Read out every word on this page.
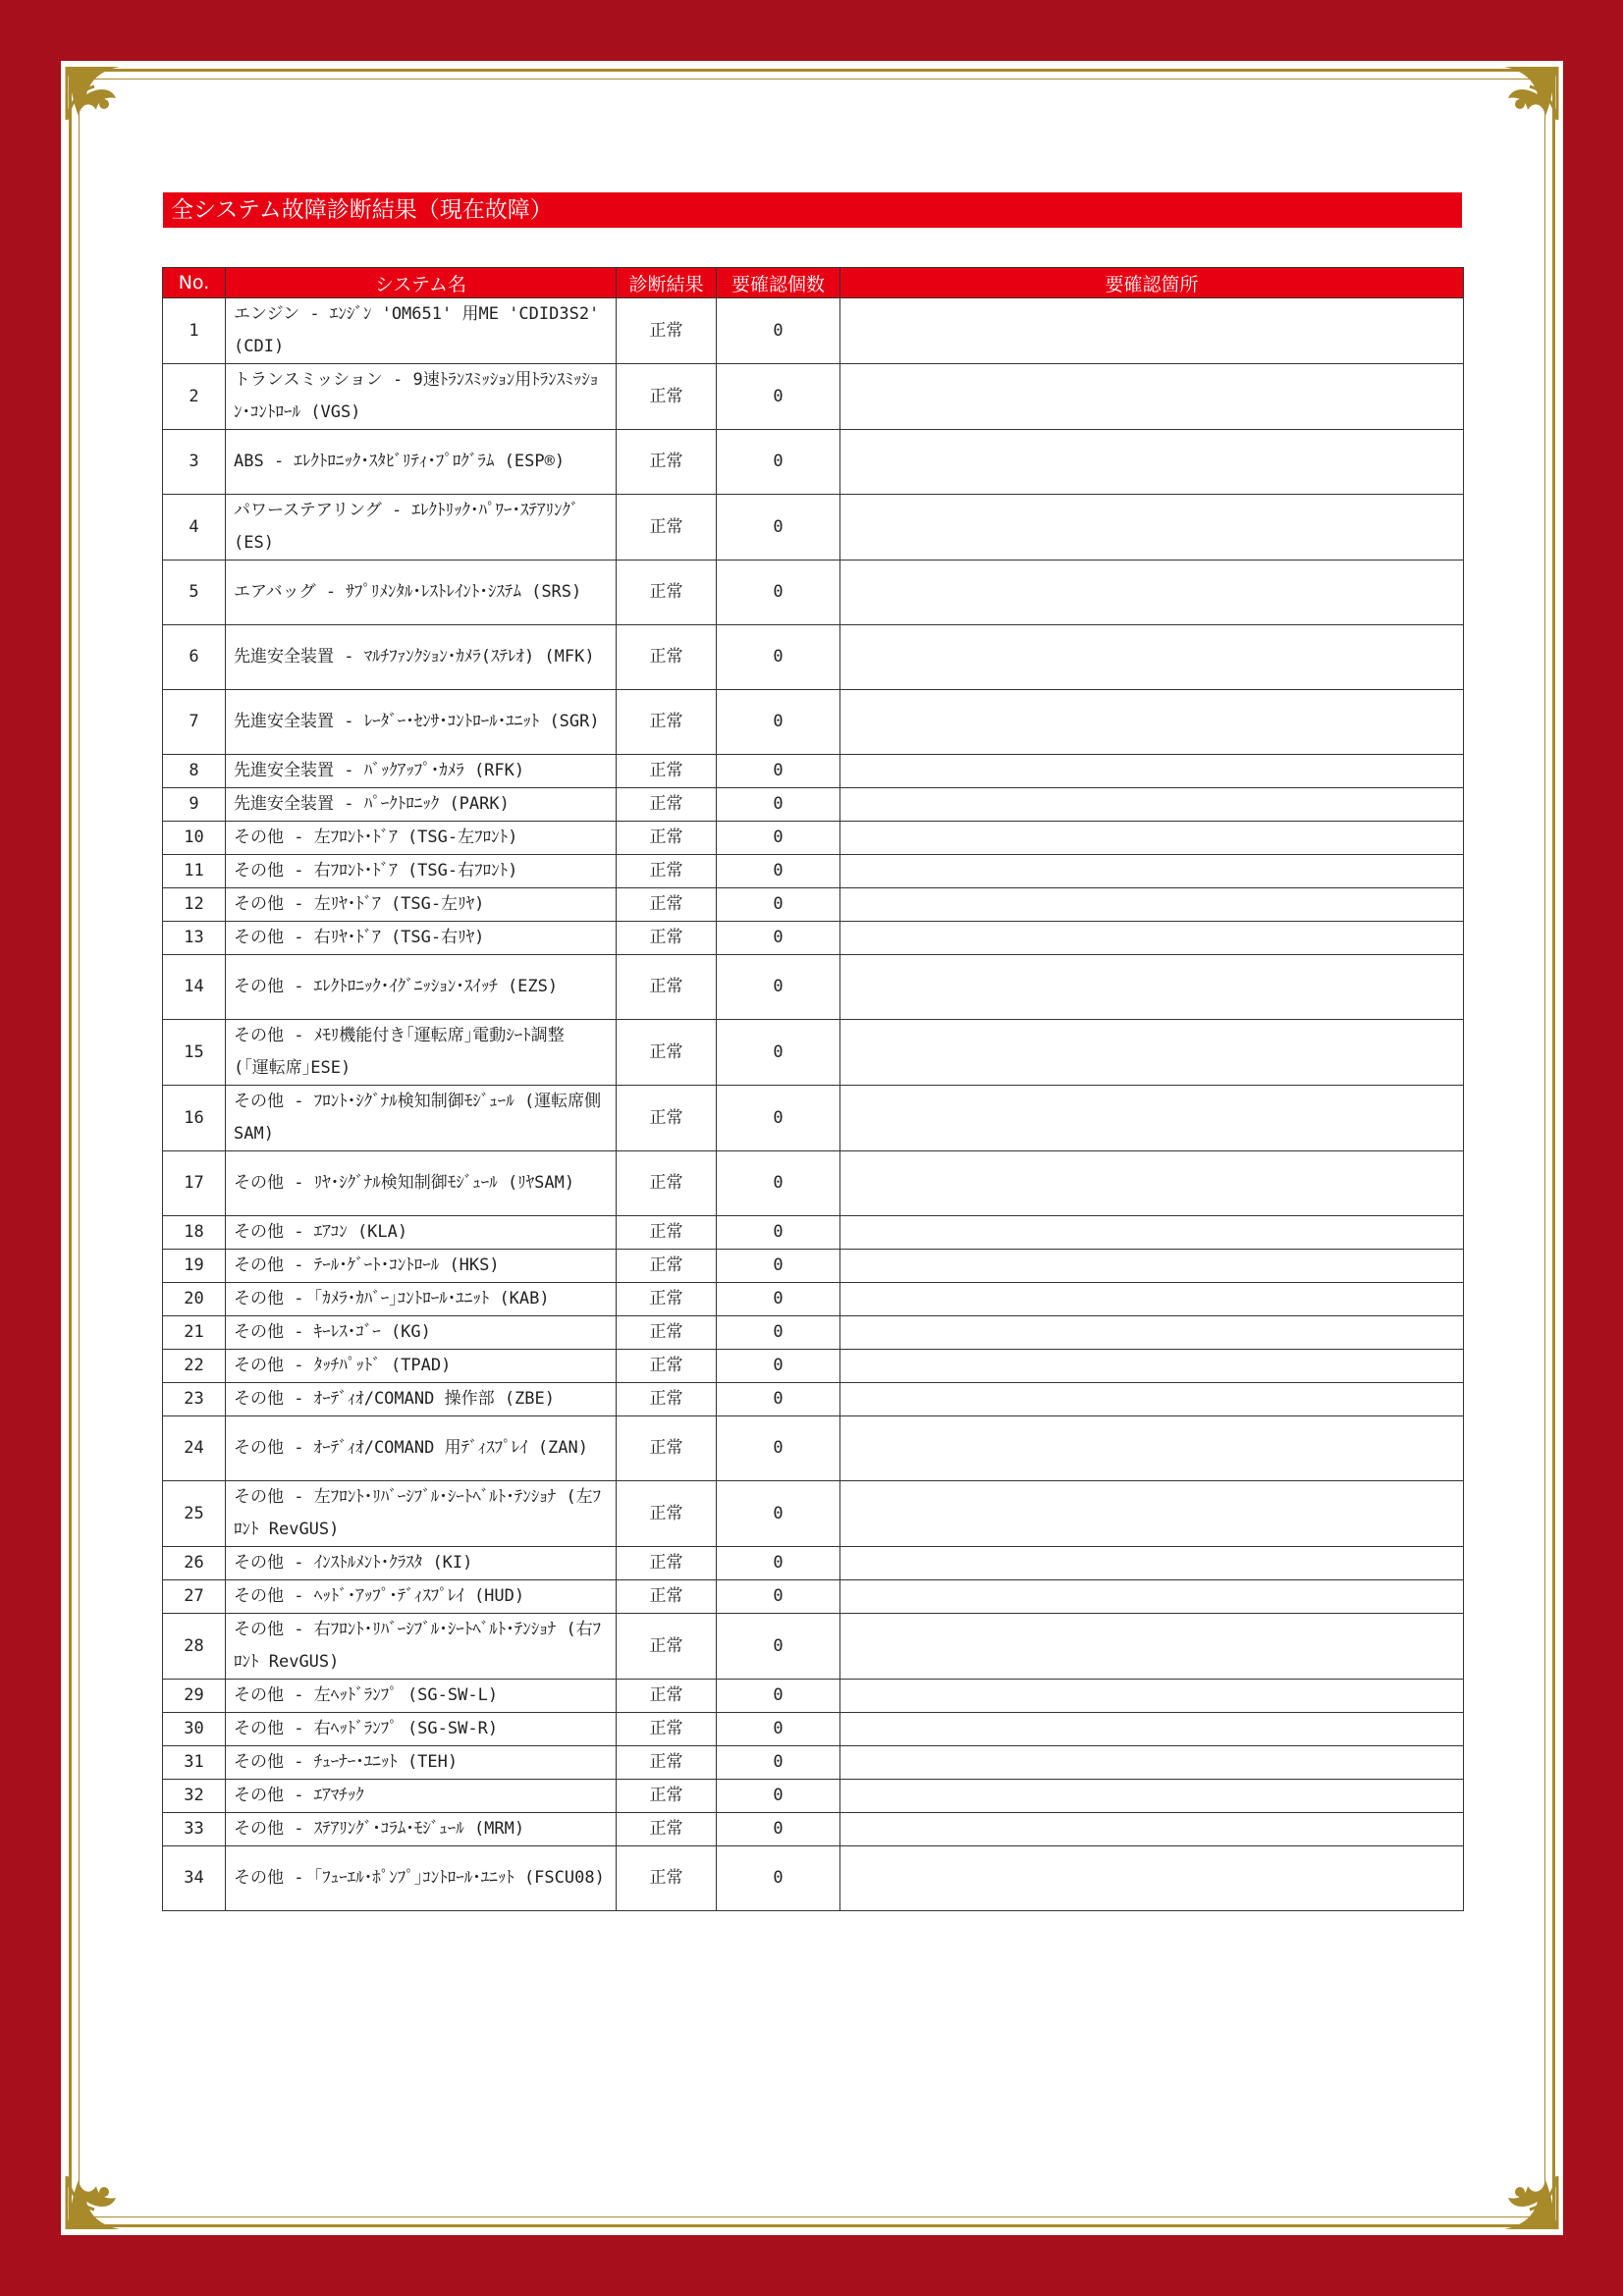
全システム故障診断結果（現在故障）
No.	システム名	診断結果	要確認個数	要確認箇所
1	エンジン - ｴﾝｼﾞﾝ 'OM651' 用ME 'CDID3S2' (CDI)	正常	0	
2	トランスミッション - 9速ﾄﾗﾝｽﾐｯｼｮﾝ用ﾄﾗﾝｽﾐｯｼｮﾝ･ｺﾝﾄﾛｰﾙ (VGS)	正常	0	
3	ABS - ｴﾚｸﾄﾛﾆｯｸ･ｽﾀﾋﾞﾘﾃｨ･ﾌﾟﾛｸﾞﾗﾑ (ESP®)	正常	0	
4	パワーステアリング - ｴﾚｸﾄﾘｯｸ･ﾊﾟﾜｰ･ｽﾃｱﾘﾝｸﾞ (ES)	正常	0	
5	エアバッグ - ｻﾌﾟﾘﾒﾝﾀﾙ･ﾚｽﾄﾚｲﾝﾄ･ｼｽﾃﾑ (SRS)	正常	0	
6	先進安全装置 - ﾏﾙﾁﾌｧﾝｸｼｮﾝ･ｶﾒﾗ(ｽﾃﾚｵ) (MFK)	正常	0	
7	先進安全装置 - ﾚｰﾀﾞｰ･ｾﾝｻ･ｺﾝﾄﾛｰﾙ･ﾕﾆｯﾄ (SGR)	正常	0	
8	先進安全装置 - ﾊﾞｯｸｱｯﾌﾟ･ｶﾒﾗ (RFK)	正常	0	
9	先進安全装置 - ﾊﾟｰｸﾄﾛﾆｯｸ (PARK)	正常	0	
10	その他 - 左ﾌﾛﾝﾄ･ﾄﾞｱ (TSG-左ﾌﾛﾝﾄ)	正常	0	
11	その他 - 右ﾌﾛﾝﾄ･ﾄﾞｱ (TSG-右ﾌﾛﾝﾄ)	正常	0	
12	その他 - 左ﾘﾔ･ﾄﾞｱ (TSG-左ﾘﾔ)	正常	0	
13	その他 - 右ﾘﾔ･ﾄﾞｱ (TSG-右ﾘﾔ)	正常	0	
14	その他 - ｴﾚｸﾄﾛﾆｯｸ･ｲｸﾞﾆｯｼｮﾝ･ｽｲｯﾁ (EZS)	正常	0	
15	その他 - ﾒﾓﾘ機能付き｢運転席｣電動ｼｰﾄ調整 (｢運転席｣ESE)	正常	0	
16	その他 - ﾌﾛﾝﾄ･ｼｸﾞﾅﾙ検知制御ﾓｼﾞｭｰﾙ (運転席側SAM)	正常	0	
17	その他 - ﾘﾔ･ｼｸﾞﾅﾙ検知制御ﾓｼﾞｭｰﾙ (ﾘﾔSAM)	正常	0	
18	その他 - ｴｱｺﾝ (KLA)	正常	0	
19	その他 - ﾃｰﾙ･ｹﾞｰﾄ･ｺﾝﾄﾛｰﾙ (HKS)	正常	0	
20	その他 - ｢ｶﾒﾗ･ｶﾊﾞｰ｣ｺﾝﾄﾛｰﾙ･ﾕﾆｯﾄ (KAB)	正常	0	
21	その他 - ｷｰﾚｽ･ｺﾞｰ (KG)	正常	0	
22	その他 - ﾀｯﾁﾊﾟｯﾄﾞ (TPAD)	正常	0	
23	その他 - ｵｰﾃﾞｨｵ/COMAND 操作部 (ZBE)	正常	0	
24	その他 - ｵｰﾃﾞｨｵ/COMAND 用ﾃﾞｨｽﾌﾟﾚｲ (ZAN)	正常	0	
25	その他 - 左ﾌﾛﾝﾄ･ﾘﾊﾞｰｼﾌﾞﾙ･ｼｰﾄﾍﾞﾙﾄ･ﾃﾝｼｮﾅ (左ﾌﾛﾝﾄ RevGUS)	正常	0	
26	その他 - ｲﾝｽﾄﾙﾒﾝﾄ･ｸﾗｽﾀ (KI)	正常	0	
27	その他 - ﾍｯﾄﾞ･ｱｯﾌﾟ･ﾃﾞｨｽﾌﾟﾚｲ (HUD)	正常	0	
28	その他 - 右ﾌﾛﾝﾄ･ﾘﾊﾞｰｼﾌﾞﾙ･ｼｰﾄﾍﾞﾙﾄ･ﾃﾝｼｮﾅ (右ﾌﾛﾝﾄ RevGUS)	正常	0	
29	その他 - 左ﾍｯﾄﾞﾗﾝﾌﾟ (SG-SW-L)	正常	0	
30	その他 - 右ﾍｯﾄﾞﾗﾝﾌﾟ (SG-SW-R)	正常	0	
31	その他 - ﾁｭｰﾅｰ･ﾕﾆｯﾄ (TEH)	正常	0	
32	その他 - ｴｱﾏﾁｯｸ	正常	0	
33	その他 - ｽﾃｱﾘﾝｸﾞ･ｺﾗﾑ･ﾓｼﾞｭｰﾙ (MRM)	正常	0	
34	その他 - ｢ﾌｭｰｴﾙ･ﾎﾟﾝﾌﾟ｣ｺﾝﾄﾛｰﾙ･ﾕﾆｯﾄ (FSCU08)	正常	0	
